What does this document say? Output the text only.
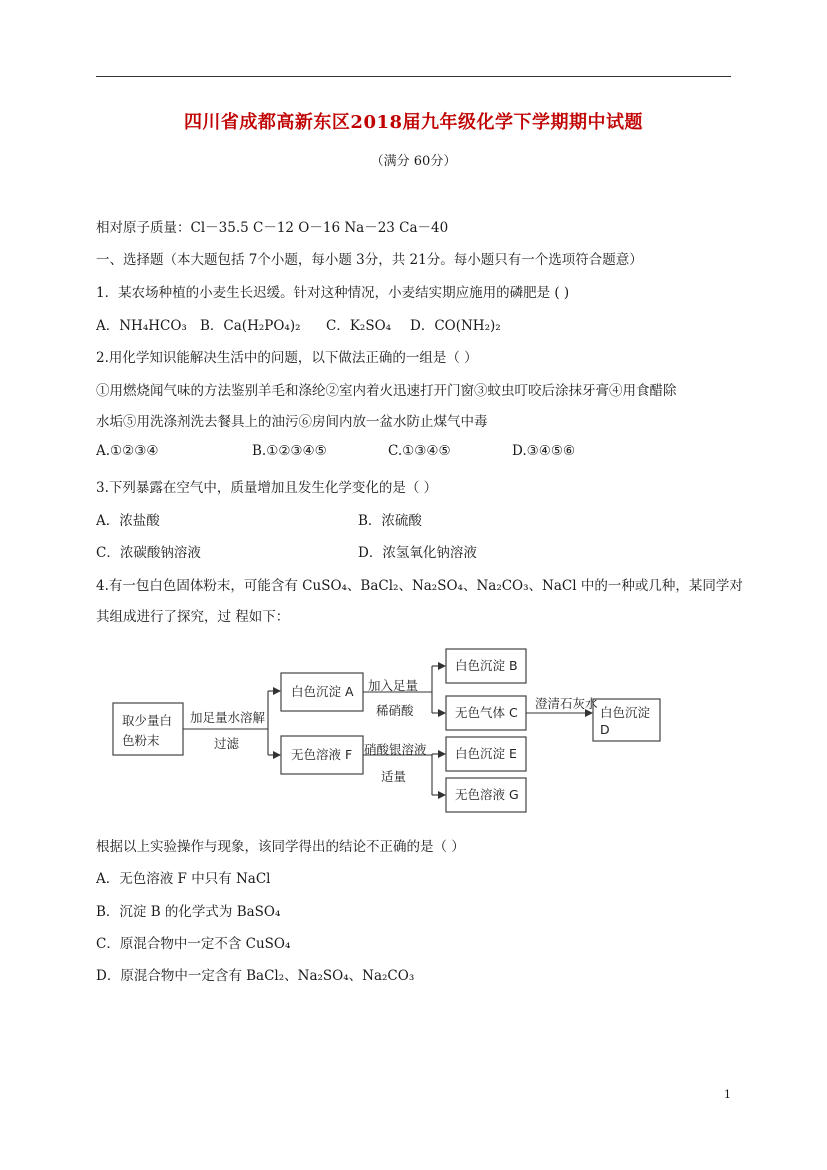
四川省成都高新东区2018届九年级化学下学期期中试题
（满分 60分）
相对原子质量：Cl－35.5 C－12 O－16 Na－23 Ca－40
一、选择题（本大题包括 7个小题，每小题 3分，共 21分。每小题只有一个选项符合题意）
1．某农场种植的小麦生长迟缓。针对这种情况，小麦结实期应施用的磷肥是 ( )
A．NH₄HCO₃ B．Ca(H₂PO₄)₂ C．K₂SO₄ D．CO(NH₂)₂
2.用化学知识能解决生活中的问题，以下做法正确的一组是（ ）
①用燃烧闻气味的方法鉴别羊毛和涤纶②室内着火迅速打开门窗③蚊虫叮咬后涂抹牙膏④用食醋除
水垢⑤用洗涤剂洗去餐具上的油污⑥房间内放一盆水防止煤气中毒
A.①②③④	B.①②③④⑤	C.①③④⑤	D.③④⑤⑥
3.下列暴露在空气中，质量增加且发生化学变化的是（ ）
A．浓盐酸	B．浓硫酸
C．浓碳酸钠溶液	D．浓氢氧化钠溶液
4.有一包白色固体粉末，可能含有 CuSO₄、BaCl₂、Na₂SO₄、Na₂CO₃、NaCl 中的一种或几种，某同学对
其组成进行了探究，过 程如下：
取少量白
色粉末
加足量水溶解
过滤
白色沉淀 A
无色溶液 F
加入足量
稀硝酸
硝酸银溶液
适量
白色沉淀 B
无色气体 C
白色沉淀 E
无色溶液 G
澄清石灰水
白色沉淀
D
根据以上实验操作与现象，该同学得出的结论不正确的是（ ）
A．无色溶液 F 中只有 NaCl
B．沉淀 B 的化学式为 BaSO₄
C．原混合物中一定不含 CuSO₄
D．原混合物中一定含有 BaCl₂、Na₂SO₄、Na₂CO₃
1
